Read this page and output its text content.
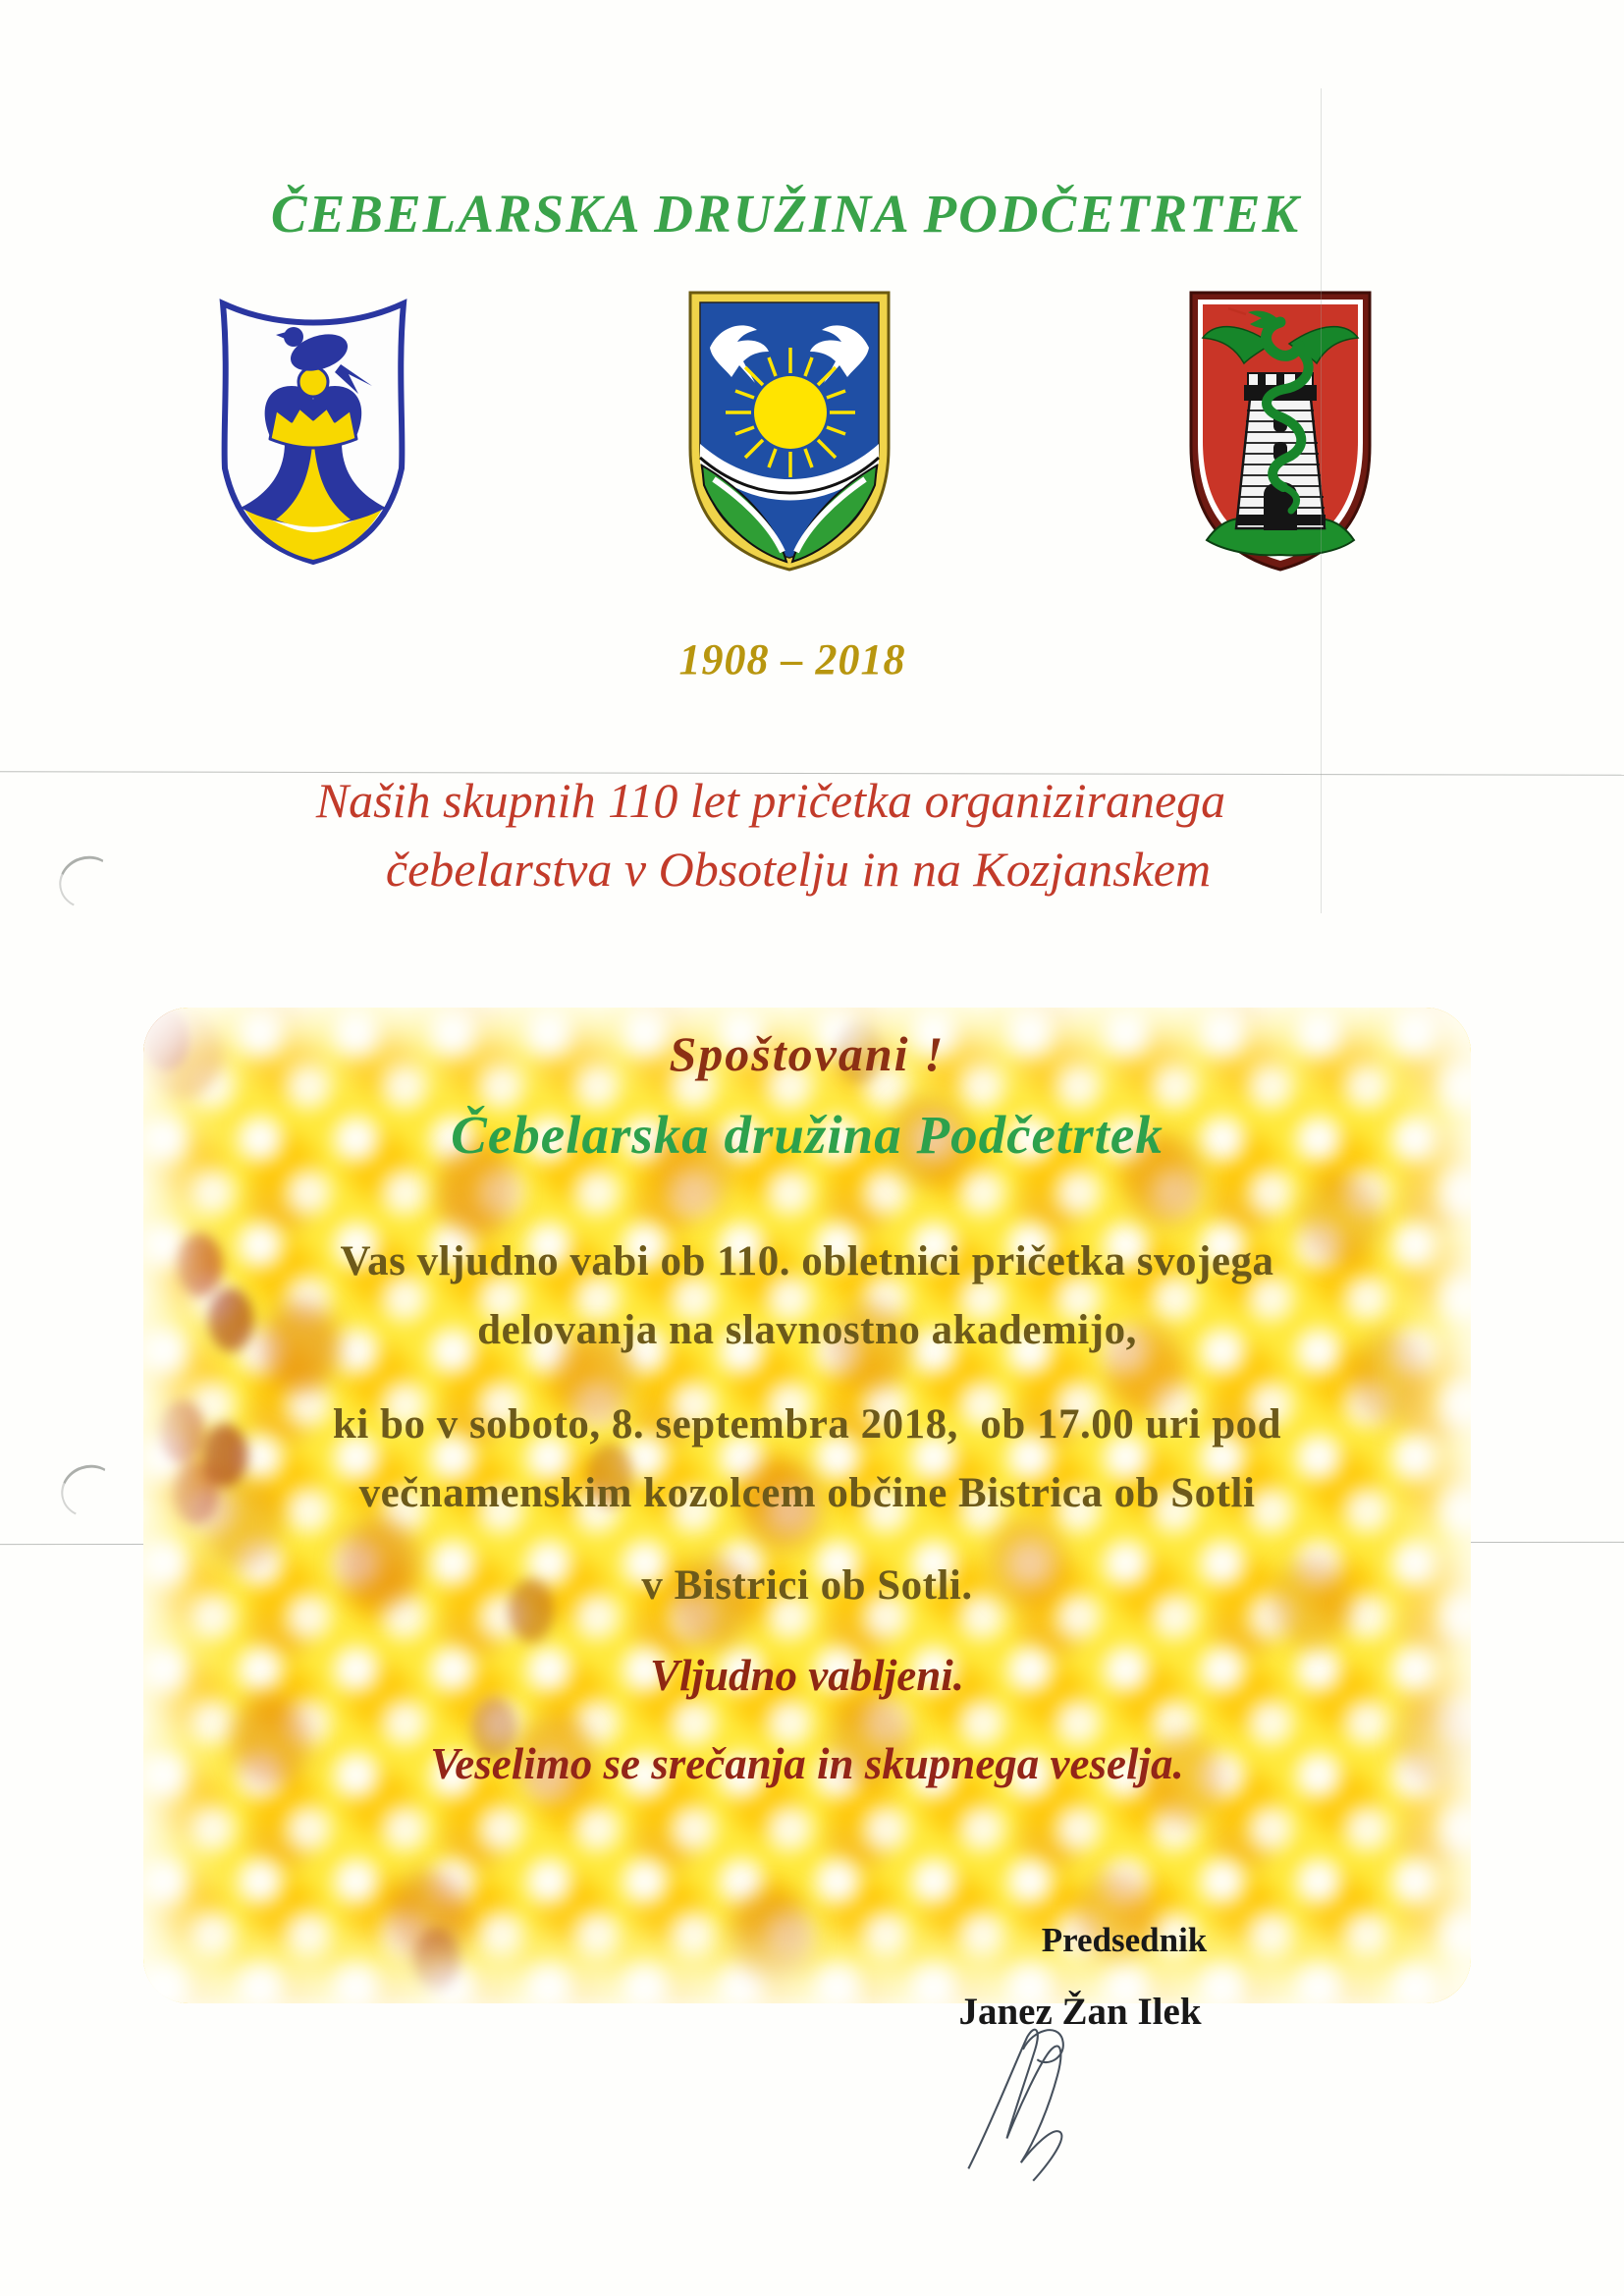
ČEBELARSKA DRUŽINA PODČETRTEK
1908 – 2018
Naših skupnih 110 let pričetka organiziranega
čebelarstva v Obsotelju in na Kozjanskem
Spoštovani !
Čebelarska družina Podčetrtek
Vas vljudno vabi ob 110. obletnici pričetka svojega
delovanja na slavnostno akademijo,
ki bo v soboto, 8. septembra 2018,  ob 17.00 uri pod
večnamenskim kozolcem občine Bistrica ob Sotli
v Bistrici ob Sotli.
Vljudno vabljeni.
Veselimo se srečanja in skupnega veselja.
Predsednik
Janez Žan Ilek
